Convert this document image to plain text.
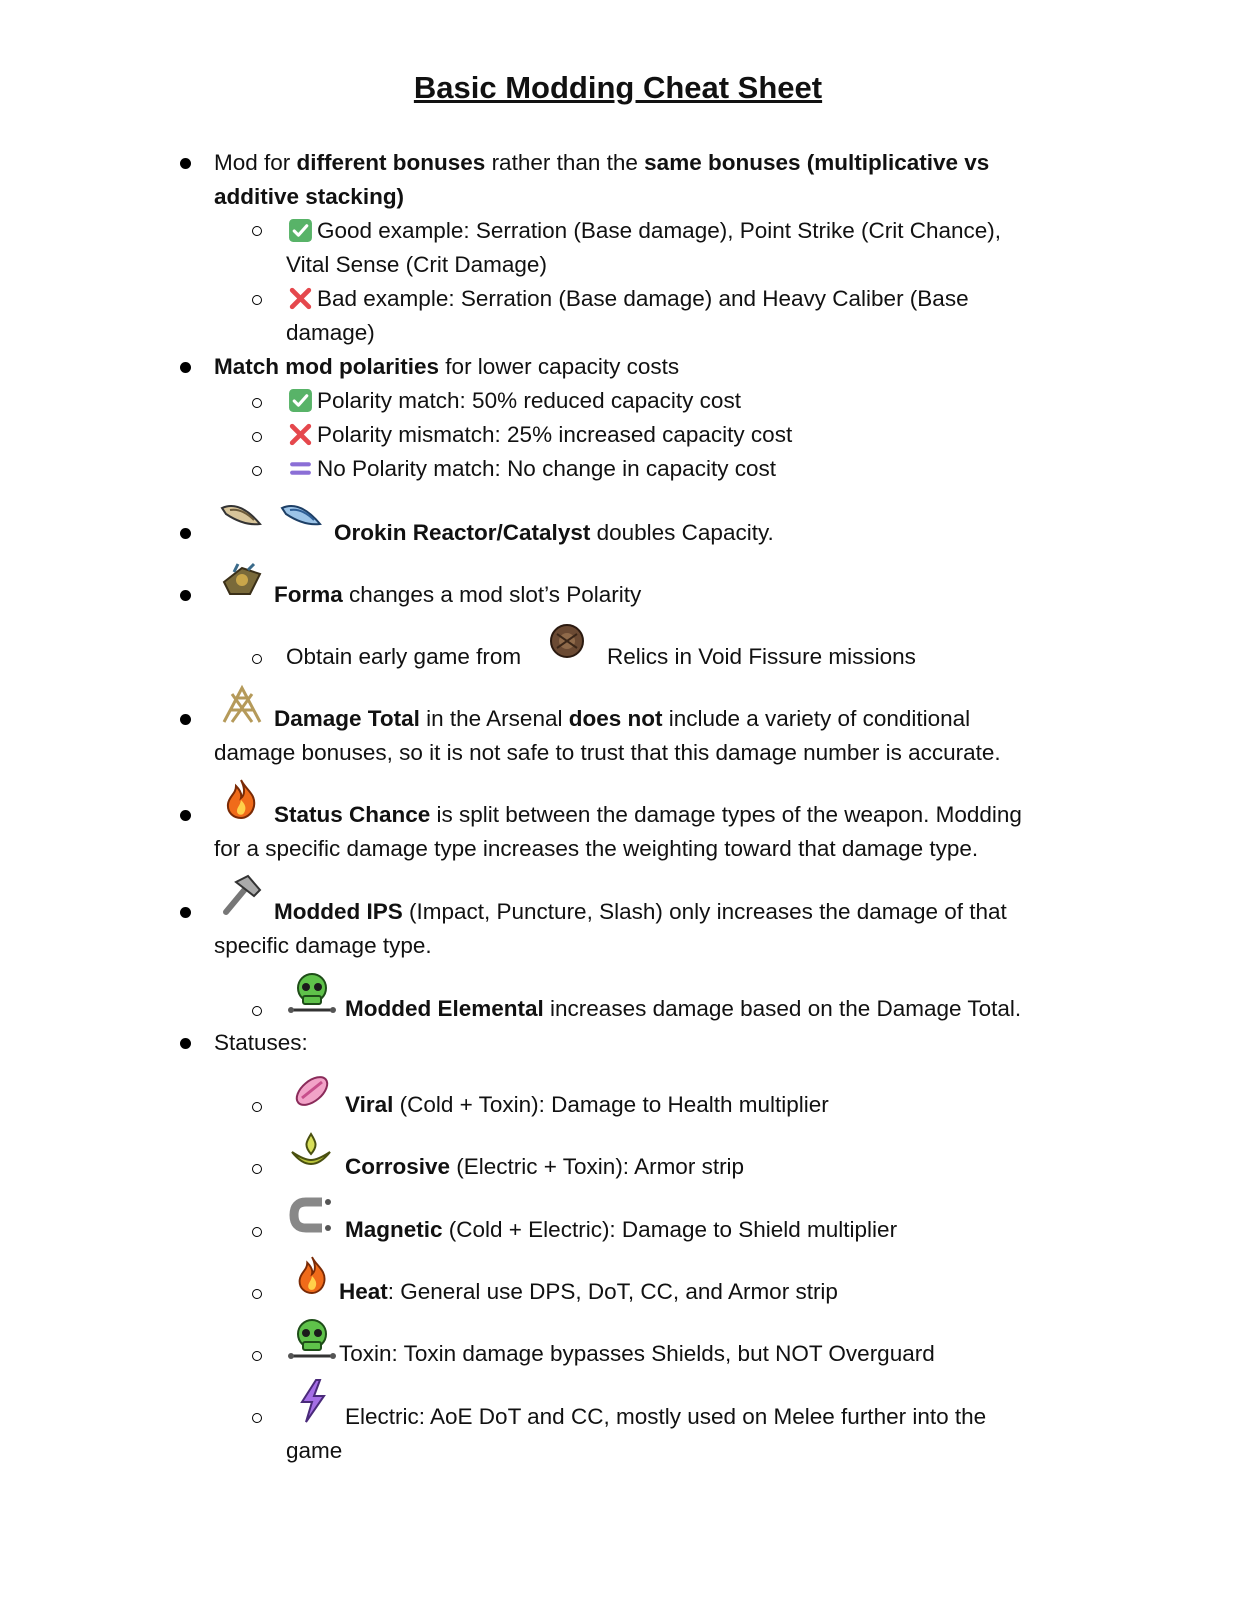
Basic Modding Cheat Sheet
Mod for different bonuses rather than the same bonuses (multiplicative vs
additive stacking)
Good example: Serration (Base damage), Point Strike (Crit Chance),
Vital Sense (Crit Damage)
Bad example: Serration (Base damage) and Heavy Caliber (Base
damage)
Match mod polarities for lower capacity costs
Polarity match: 50% reduced capacity cost
Polarity mismatch: 25% increased capacity cost
No Polarity match: No change in capacity cost
Orokin Reactor/Catalyst doubles Capacity.
Forma changes a mod slot’s Polarity
Obtain early game from	Relics in Void Fissure missions
Damage Total in the Arsenal does not include a variety of conditional
damage bonuses, so it is not safe to trust that this damage number is accurate.
Status Chance is split between the damage types of the weapon. Modding
for a specific damage type increases the weighting toward that damage type.
Modded IPS (Impact, Puncture, Slash) only increases the damage of that
specific damage type.
Modded Elemental increases damage based on the Damage Total.
Statuses:
Viral (Cold + Toxin): Damage to Health multiplier
Corrosive (Electric + Toxin): Armor strip
Magnetic (Cold + Electric): Damage to Shield multiplier
Heat: General use DPS, DoT, CC, and Armor strip
Toxin: Toxin damage bypasses Shields, but NOT Overguard
Electric: AoE DoT and CC, mostly used on Melee further into the
game
